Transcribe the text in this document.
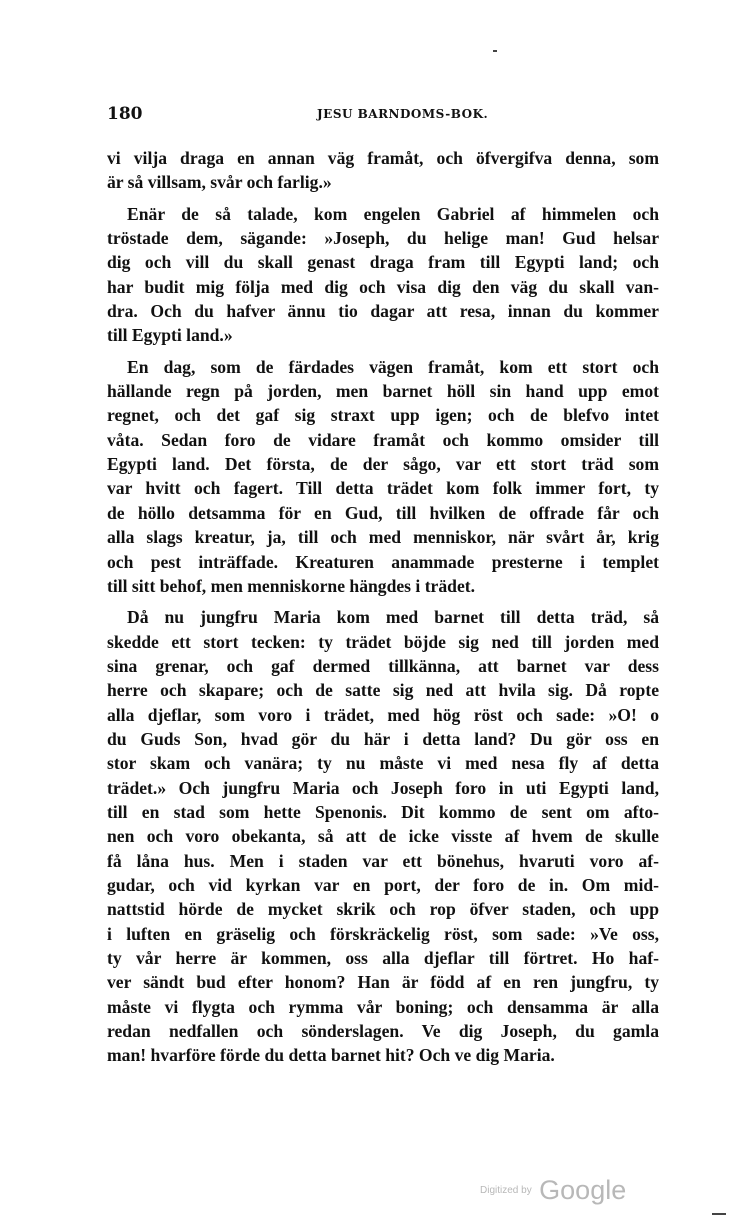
180	JESU BARNDOMS-BOK.
vi vilja draga en annan väg framåt, och öfvergifva denna, som
är så villsam, svår och farlig.»
Enär de så talade, kom engelen Gabriel af himmelen och
tröstade dem, sägande: »Joseph, du helige man! Gud helsar
dig och vill du skall genast draga fram till Egypti land; och
har budit mig följa med dig och visa dig den väg du skall van-
dra. Och du hafver ännu tio dagar att resa, innan du kommer
till Egypti land.»
En dag, som de färdades vägen framåt, kom ett stort och
hällande regn på jorden, men barnet höll sin hand upp emot
regnet, och det gaf sig straxt upp igen; och de blefvo intet
våta. Sedan foro de vidare framåt och kommo omsider till
Egypti land. Det första, de der sågo, var ett stort träd som
var hvitt och fagert. Till detta trädet kom folk immer fort, ty
de höllo detsamma för en Gud, till hvilken de offrade får och
alla slags kreatur, ja, till och med menniskor, när svårt år, krig
och pest inträffade. Kreaturen anammade presterne i templet
till sitt behof, men menniskorne hängdes i trädet.
Då nu jungfru Maria kom med barnet till detta träd, så
skedde ett stort tecken: ty trädet böjde sig ned till jorden med
sina grenar, och gaf dermed tillkänna, att barnet var dess
herre och skapare; och de satte sig ned att hvila sig. Då ropte
alla djeflar, som voro i trädet, med hög röst och sade: »O! o
du Guds Son, hvad gör du här i detta land? Du gör oss en
stor skam och vanära; ty nu måste vi med nesa fly af detta
trädet.» Och jungfru Maria och Joseph foro in uti Egypti land,
till en stad som hette Spenonis. Dit kommo de sent om afto-
nen och voro obekanta, så att de icke visste af hvem de skulle
få låna hus. Men i staden var ett bönehus, hvaruti voro af-
gudar, och vid kyrkan var en port, der foro de in. Om mid-
nattstid hörde de mycket skrik och rop öfver staden, och upp
i luften en gräselig och förskräckelig röst, som sade: »Ve oss,
ty vår herre är kommen, oss alla djeflar till förtret. Ho haf-
ver sändt bud efter honom? Han är född af en ren jungfru, ty
måste vi flygta och rymma vår boning; och densamma är alla
redan nedfallen och sönderslagen. Ve dig Joseph, du gamla
man! hvarföre förde du detta barnet hit? Och ve dig Maria.
Digitized by Google
